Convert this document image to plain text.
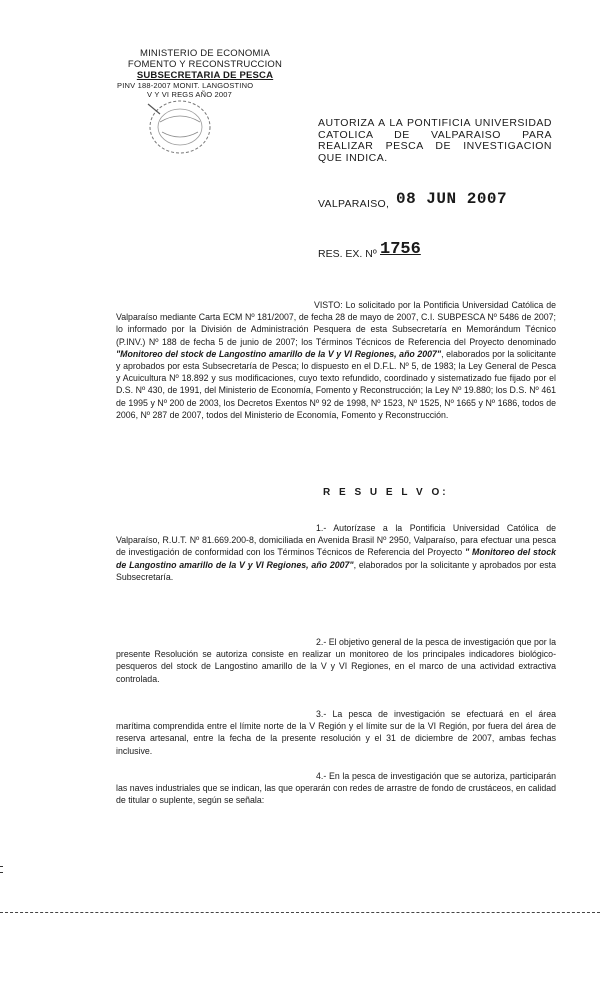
MINISTERIO DE ECONOMIA
FOMENTO Y RECONSTRUCCION
SUBSECRETARIA DE PESCA
PINV 188-2007 MONIT. LANGOSTINO
V Y VI REGS AÑO 2007
AUTORIZA A LA PONTIFICIA UNIVERSIDAD CATOLICA DE VALPARAISO PARA REALIZAR PESCA DE INVESTIGACION QUE INDICA.
VALPARAISO, 08 JUN 2007
RES. EX. Nº 1756
VISTO: Lo solicitado por la Pontificia Universidad Católica de Valparaíso mediante Carta ECM Nº 181/2007, de fecha 28 de mayo de 2007, C.I. SUBPESCA Nº 5486 de 2007; lo informado por la División de Administración Pesquera de esta Subsecretaría en Memorándum Técnico (P.INV.) Nº 188 de fecha 5 de junio de 2007; los Términos Técnicos de Referencia del Proyecto denominado "Monitoreo del stock de Langostino amarillo de la V y VI Regiones, año 2007", elaborados por la solicitante y aprobados por esta Subsecretaría de Pesca; lo dispuesto en el D.F.L. Nº 5, de 1983; la Ley General de Pesca y Acuicultura Nº 18.892 y sus modificaciones, cuyo texto refundido, coordinado y sistematizado fue fijado por el D.S. Nº 430, de 1991, del Ministerio de Economía, Fomento y Reconstrucción; la Ley Nº 19.880; los D.S. Nº 461 de 1995 y Nº 200 de 2003, los Decretos Exentos Nº 92 de 1998, Nº 1523, Nº 1525, Nº 1665 y Nº 1686, todos de 2006, Nº 287 de 2007, todos del Ministerio de Economía, Fomento y Reconstrucción.
R E S U E L V O:
1.- Autorízase a la Pontificia Universidad Católica de Valparaíso, R.U.T. Nº 81.669.200-8, domiciliada en Avenida Brasil Nº 2950, Valparaíso, para efectuar una pesca de investigación de conformidad con los Términos Técnicos de Referencia del Proyecto " Monitoreo del stock de Langostino amarillo de la V y VI Regiones, año 2007", elaborados por la solicitante y aprobados por esta Subsecretaría.
2.- El objetivo general de la pesca de investigación que por la presente Resolución se autoriza consiste en realizar un monitoreo de los principales indicadores biológico-pesqueros del stock de Langostino amarillo de la V y VI Regiones, en el marco de una actividad extractiva controlada.
3.- La pesca de investigación se efectuará en el área marítima comprendida entre el límite norte de la V Región y el límite sur de la VI Región, por fuera del área de reserva artesanal, entre la fecha de la presente resolución y el 31 de diciembre de 2007, ambas fechas inclusive.
4.- En la pesca de investigación que se autoriza, participarán las naves industriales que se indican, las que operarán con redes de arrastre de fondo de crustáceos, en calidad de titular o suplente, según se señala:
